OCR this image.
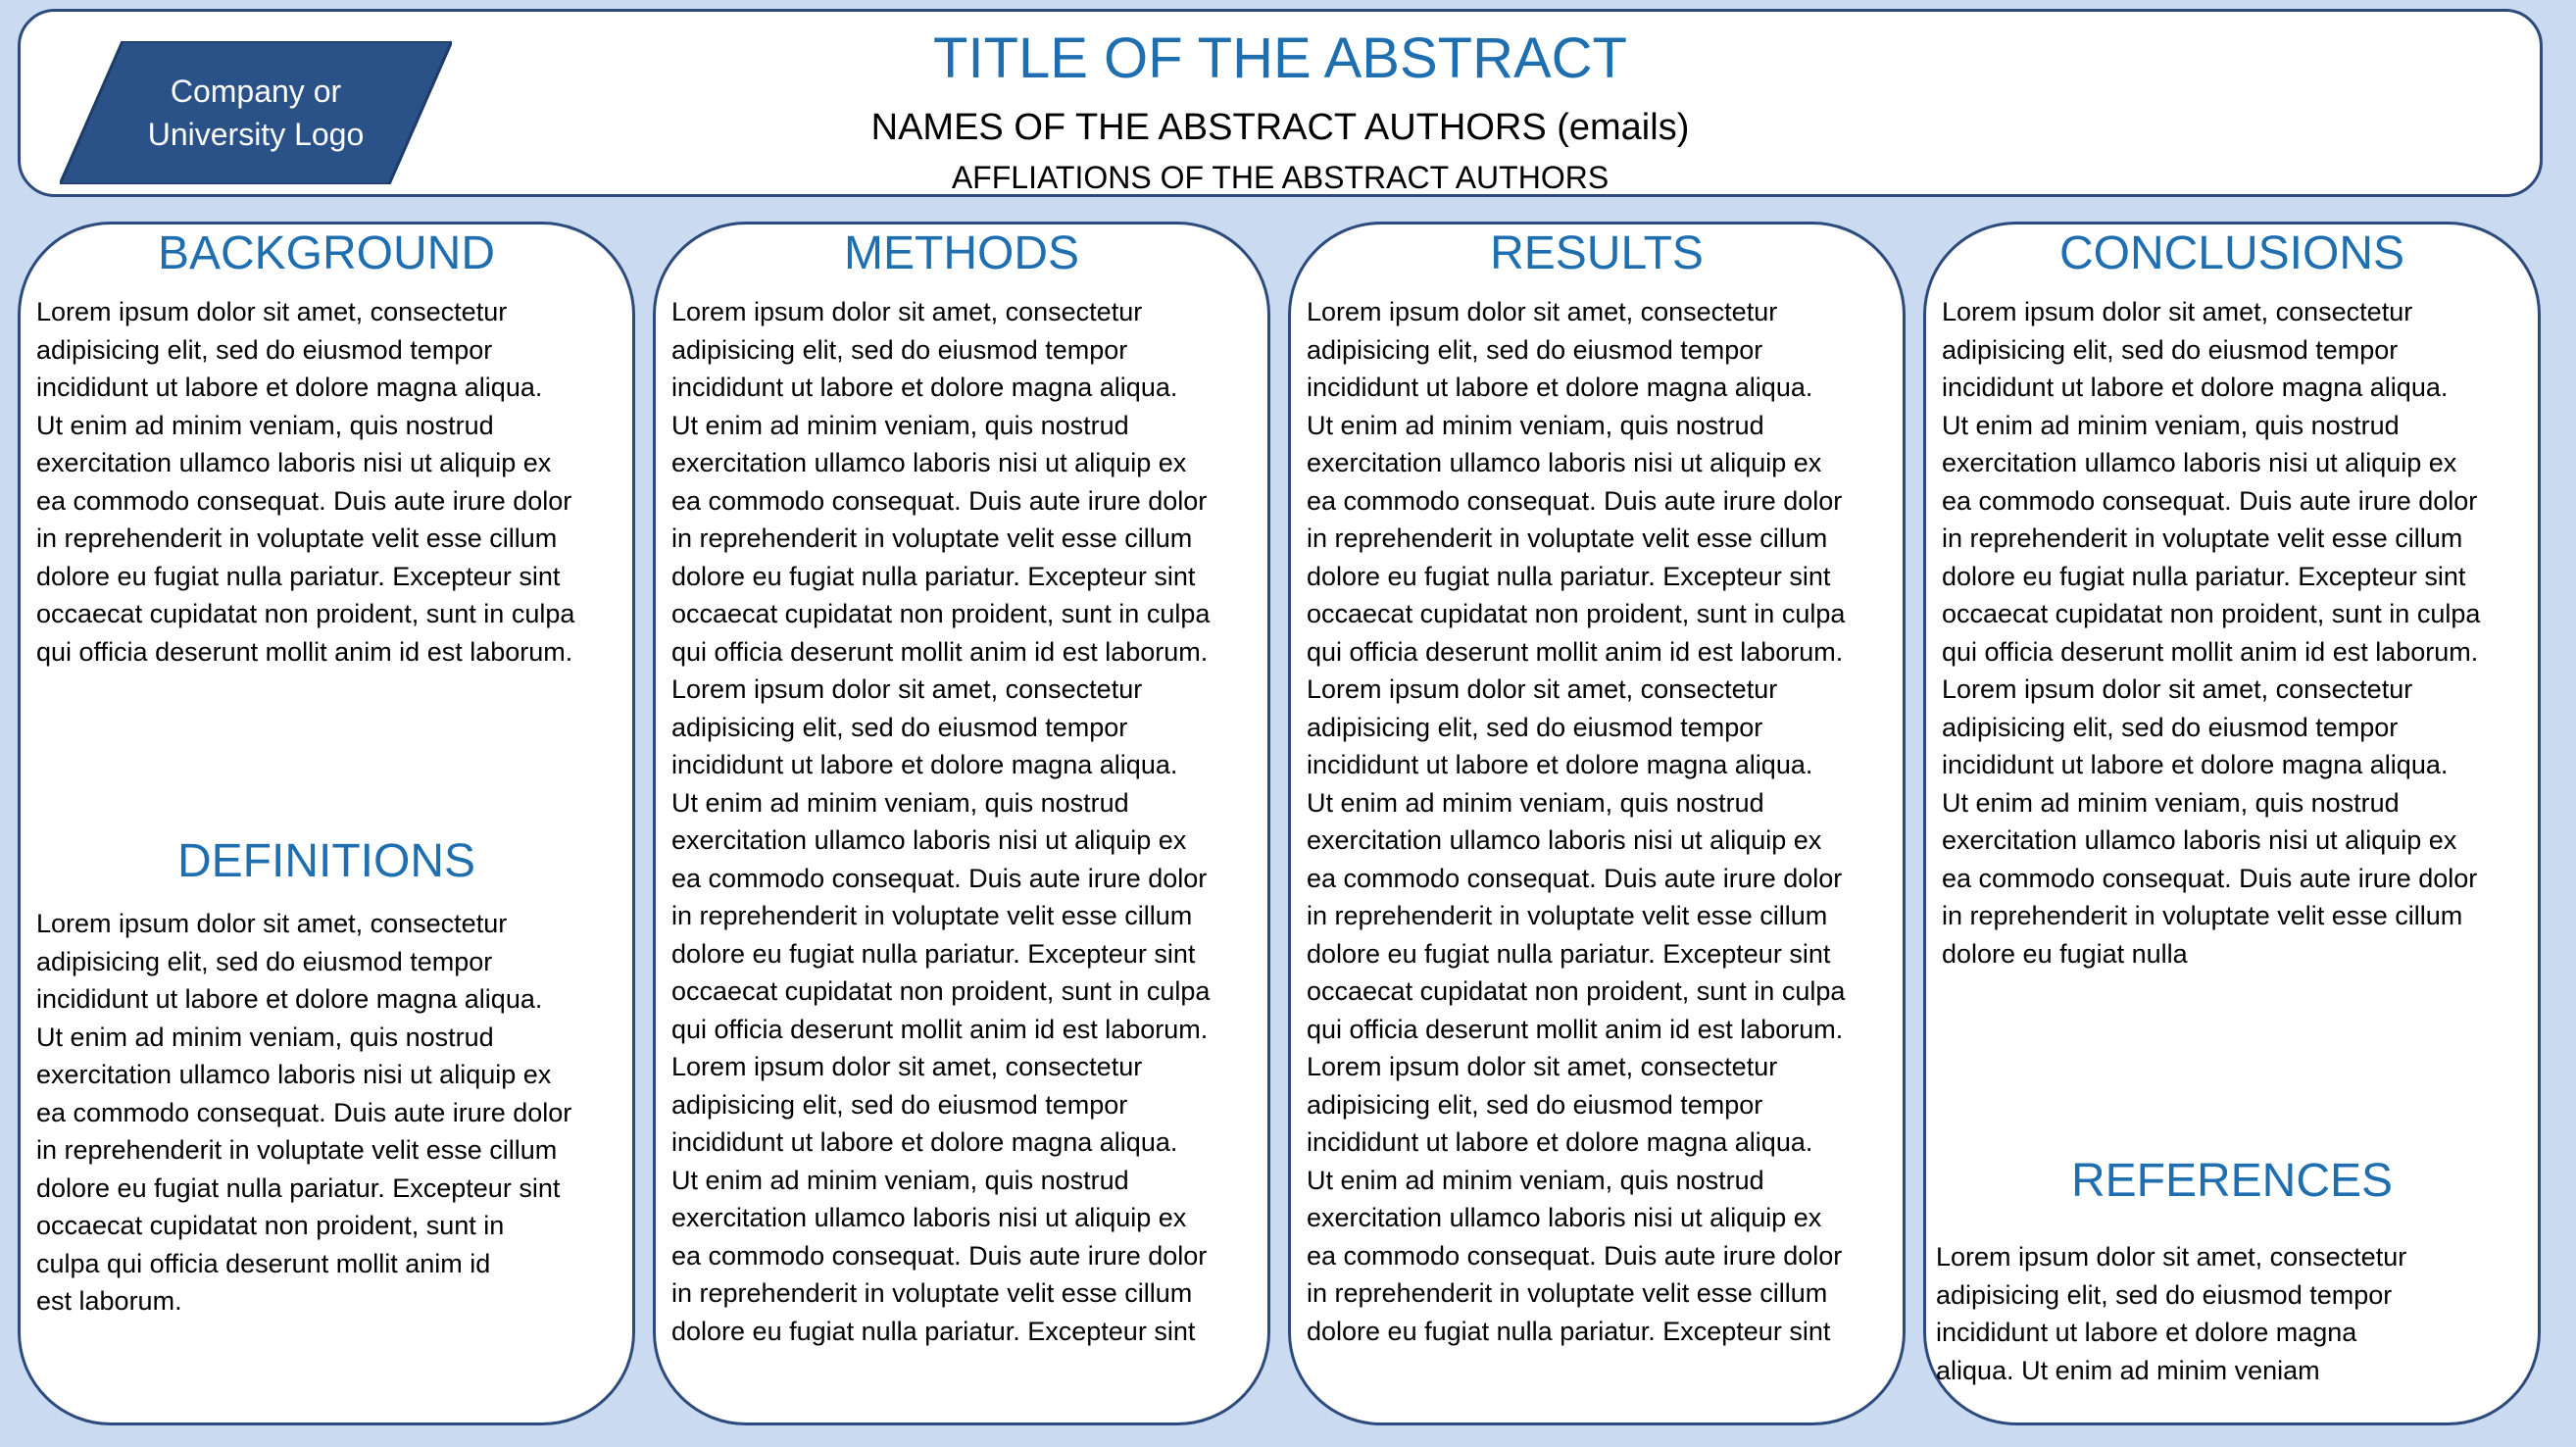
Company or
University Logo
TITLE OF THE ABSTRACT
NAMES OF THE ABSTRACT AUTHORS (emails)
AFFLIATIONS OF THE ABSTRACT AUTHORS
BACKGROUND

Lorem ipsum dolor sit amet, consectetur
adipisicing elit, sed do eiusmod tempor
incididunt ut labore et dolore magna aliqua.
Ut enim ad minim veniam, quis nostrud
exercitation ullamco laboris nisi ut aliquip ex
ea commodo consequat. Duis aute irure dolor
in reprehenderit in voluptate velit esse cillum
dolore eu fugiat nulla pariatur. Excepteur sint
occaecat cupidatat non proident, sunt in culpa
qui officia deserunt mollit anim id est laborum.

DEFINITIONS

Lorem ipsum dolor sit amet, consectetur
adipisicing elit, sed do eiusmod tempor
incididunt ut labore et dolore magna aliqua.
Ut enim ad minim veniam, quis nostrud
exercitation ullamco laboris nisi ut aliquip ex
ea commodo consequat. Duis aute irure dolor
in reprehenderit in voluptate velit esse cillum
dolore eu fugiat nulla pariatur. Excepteur sint
occaecat cupidatat non proident, sunt in
culpa qui officia deserunt mollit anim id
est laborum.

METHODS

Lorem ipsum dolor sit amet, consectetur
adipisicing elit, sed do eiusmod tempor
incididunt ut labore et dolore magna aliqua.
Ut enim ad minim veniam, quis nostrud
exercitation ullamco laboris nisi ut aliquip ex
ea commodo consequat. Duis aute irure dolor
in reprehenderit in voluptate velit esse cillum
dolore eu fugiat nulla pariatur. Excepteur sint
occaecat cupidatat non proident, sunt in culpa
qui officia deserunt mollit anim id est laborum.
Lorem ipsum dolor sit amet, consectetur
adipisicing elit, sed do eiusmod tempor
incididunt ut labore et dolore magna aliqua.
Ut enim ad minim veniam, quis nostrud
exercitation ullamco laboris nisi ut aliquip ex
ea commodo consequat. Duis aute irure dolor
in reprehenderit in voluptate velit esse cillum
dolore eu fugiat nulla pariatur. Excepteur sint
occaecat cupidatat non proident, sunt in culpa
qui officia deserunt mollit anim id est laborum.
Lorem ipsum dolor sit amet, consectetur
adipisicing elit, sed do eiusmod tempor
incididunt ut labore et dolore magna aliqua.
Ut enim ad minim veniam, quis nostrud
exercitation ullamco laboris nisi ut aliquip ex
ea commodo consequat. Duis aute irure dolor
in reprehenderit in voluptate velit esse cillum
dolore eu fugiat nulla pariatur. Excepteur sint

RESULTS

Lorem ipsum dolor sit amet, consectetur
adipisicing elit, sed do eiusmod tempor
incididunt ut labore et dolore magna aliqua.
Ut enim ad minim veniam, quis nostrud
exercitation ullamco laboris nisi ut aliquip ex
ea commodo consequat. Duis aute irure dolor
in reprehenderit in voluptate velit esse cillum
dolore eu fugiat nulla pariatur. Excepteur sint
occaecat cupidatat non proident, sunt in culpa
qui officia deserunt mollit anim id est laborum.
Lorem ipsum dolor sit amet, consectetur
adipisicing elit, sed do eiusmod tempor
incididunt ut labore et dolore magna aliqua.
Ut enim ad minim veniam, quis nostrud
exercitation ullamco laboris nisi ut aliquip ex
ea commodo consequat. Duis aute irure dolor
in reprehenderit in voluptate velit esse cillum
dolore eu fugiat nulla pariatur. Excepteur sint
occaecat cupidatat non proident, sunt in culpa
qui officia deserunt mollit anim id est laborum.
Lorem ipsum dolor sit amet, consectetur
adipisicing elit, sed do eiusmod tempor
incididunt ut labore et dolore magna aliqua.
Ut enim ad minim veniam, quis nostrud
exercitation ullamco laboris nisi ut aliquip ex
ea commodo consequat. Duis aute irure dolor
in reprehenderit in voluptate velit esse cillum
dolore eu fugiat nulla pariatur. Excepteur sint

CONCLUSIONS

Lorem ipsum dolor sit amet, consectetur
adipisicing elit, sed do eiusmod tempor
incididunt ut labore et dolore magna aliqua.
Ut enim ad minim veniam, quis nostrud
exercitation ullamco laboris nisi ut aliquip ex
ea commodo consequat. Duis aute irure dolor
in reprehenderit in voluptate velit esse cillum
dolore eu fugiat nulla pariatur. Excepteur sint
occaecat cupidatat non proident, sunt in culpa
qui officia deserunt mollit anim id est laborum.
Lorem ipsum dolor sit amet, consectetur
adipisicing elit, sed do eiusmod tempor
incididunt ut labore et dolore magna aliqua.
Ut enim ad minim veniam, quis nostrud
exercitation ullamco laboris nisi ut aliquip ex
ea commodo consequat. Duis aute irure dolor
in reprehenderit in voluptate velit esse cillum
dolore eu fugiat nulla

REFERENCES

Lorem ipsum dolor sit amet, consectetur
adipisicing elit, sed do eiusmod tempor
incididunt ut labore et dolore magna
aliqua. Ut enim ad minim veniam
